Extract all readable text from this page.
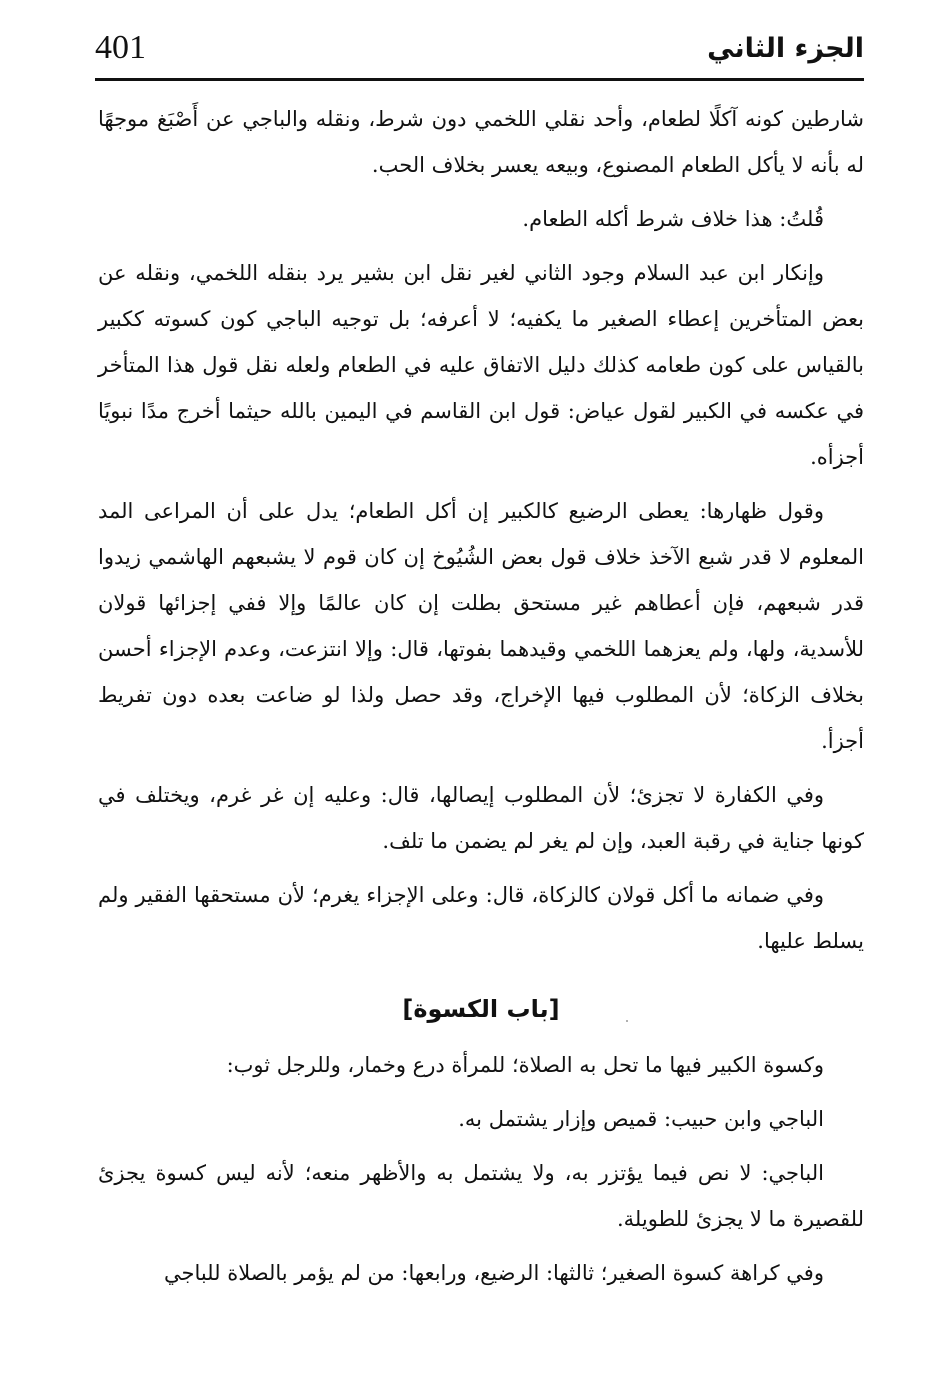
401	الجزء الثاني

شارطين كونه آكلًا لطعام، وأحد نقلي اللخمي دون شرط، ونقله والباجي عن أَصْبَغ موجهًا له بأنه لا يأكل الطعام المصنوع، وبيعه يعسر بخلاف الحب.

قُلتُ: هذا خلاف شرط أكله الطعام.

وإنكار ابن عبد السلام وجود الثاني لغير نقل ابن بشير يرد بنقله اللخمي، ونقله عن بعض المتأخرين إعطاء الصغير ما يكفيه؛ لا أعرفه؛ بل توجيه الباجي كون كسوته ككبير بالقياس على كون طعامه كذلك دليل الاتفاق عليه في الطعام ولعله نقل قول هذا المتأخر في عكسه في الكبير لقول عياض: قول ابن القاسم في اليمين بالله حيثما أخرج مدًا نبويًا أجزأه.

وقول ظهارها: يعطى الرضيع كالكبير إن أكل الطعام؛ يدل على أن المراعى المد المعلوم لا قدر شبع الآخذ خلاف قول بعض الشُيُوخ إن كان قوم لا يشبعهم الهاشمي زيدوا قدر شبعهم، فإن أعطاهم غير مستحق بطلت إن كان عالمًا وإلا ففي إجزائها قولان للأسدية، ولها، ولم يعزهما اللخمي وقيدهما بفوتها، قال: وإلا انتزعت، وعدم الإجزاء أحسن بخلاف الزكاة؛ لأن المطلوب فيها الإخراج، وقد حصل ولذا لو ضاعت بعده دون تفريط أجزأ.

وفي الكفارة لا تجزئ؛ لأن المطلوب إيصالها، قال: وعليه إن غر غرم، ويختلف في كونها جناية في رقبة العبد، وإن لم يغر لم يضمن ما تلف.

وفي ضمانه ما أكل قولان كالزكاة، قال: وعلى الإجزاء يغرم؛ لأن مستحقها الفقير ولم يسلط عليها.

[باب الكسوة]

وكسوة الكبير فيها ما تحل به الصلاة؛ للمرأة درع وخمار، وللرجل ثوب:

الباجي وابن حبيب: قميص وإزار يشتمل به.

الباجي: لا نص فيما يؤتزر به، ولا يشتمل به والأظهر منعه؛ لأنه ليس كسوة يجزئ للقصيرة ما لا يجزئ للطويلة.

وفي كراهة كسوة الصغير؛ ثالثها: الرضيع، ورابعها: من لم يؤمر بالصلاة للباجي
